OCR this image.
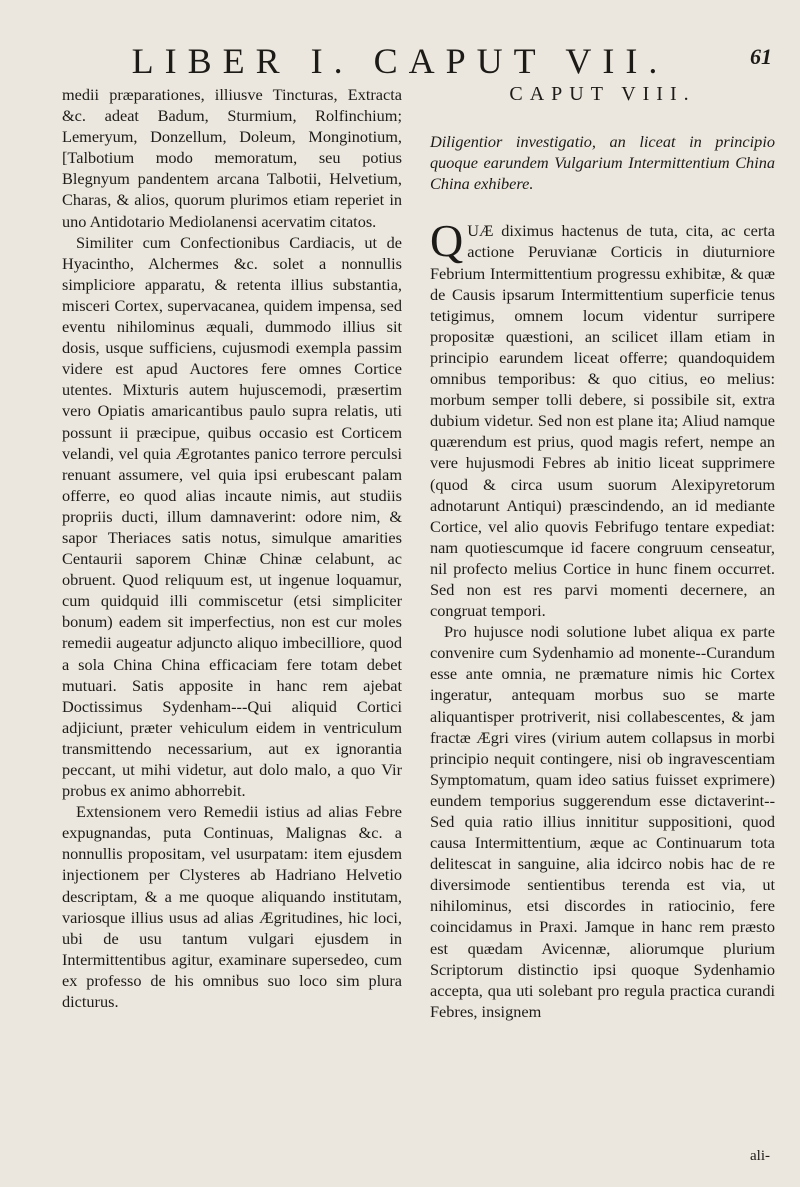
LIBER I. CAPUT VII.	61

medii præparationes, illiusve Tincturas, Extracta &c. adeat Badum, Sturmium, Rolfinchium; Lemeryum, Donzellum, Doleum, Monginotium, [Talbotium modo memoratum, seu potius Blegnyum pandentem arcana Talbotii, Helvetium, Charas, & alios, quorum plurimos etiam reperiet in uno Antidotario Mediolanensi acervatim citatos.

Similiter cum Confectionibus Cardiacis, ut de Hyacintho, Alchermes &c. solet a nonnullis simpliciore apparatu, & retenta illius substantia, misceri Cortex, supervacanea, quidem impensa, sed eventu nihilominus æquali, dummodo illius sit dosis, usque sufficiens, cujusmodi exempla passim videre est apud Auctores fere omnes Cortice utentes. Mixturis autem hujuscemodi, præsertim vero Opiatis amaricantibus paulo supra relatis, uti possunt ii præcipue, quibus occasio est Corticem velandi, vel quia Ægrotantes panico terrore perculsi renuant assumere, vel quia ipsi erubescant palam offerre, eo quod alias incaute nimis, aut studiis propriis ducti, illum damnaverint: odore nim, & sapor Theriaces satis notus, simulque amarities Centaurii saporem Chinæ Chinæ celabunt, ac obruent. Quod reliquum est, ut ingenue loquamur, cum quidquid illi commiscetur (etsi simpliciter bonum) eadem sit imperfectius, non est cur moles remedii augeatur adjuncto aliquo imbecilliore, quod a sola China China efficaciam fere totam debet mutuari. Satis apposite in hanc rem ajebat Doctissimus Sydenham---Qui aliquid Cortici adjiciunt, præter vehiculum eidem in ventriculum transmittendo necessarium, aut ex ignorantia peccant, ut mihi videtur, aut dolo malo, a quo Vir probus ex animo abhorrebit.

Extensionem vero Remedii istius ad alias Febre expugnandas, puta Continuas, Malignas &c. a nonnullis propositam, vel usurpatam: item ejusdem injectionem per Clysteres ab Hadriano Helvetio descriptam, & a me quoque aliquando institutam, variosque illius usus ad alias Ægritudines, hic loci, ubi de usu tantum vulgari ejusdem in Intermittentibus agitur, examinare supersedeo, cum ex professo de his omnibus suo loco sim plura dicturus.

CAPUT VIII.
Diligentior investigatio, an liceat in principio quoque earundem Vulgarium Intermittentium China China exhibere.

QUÆ diximus hactenus de tuta, cita, ac certa actione Peruvianæ Corticis in diuturniore Febrium Intermittentium progressu exhibitæ, & quæ de Causis ipsarum Intermittentium superficie tenus tetigimus, omnem locum videntur surripere propositæ quæstioni, an scilicet illam etiam in principio earundem liceat offerre; quandoquidem omnibus temporibus: & quo citius, eo melius: morbum semper tolli debere, si possibile sit, extra dubium videtur. Sed non est plane ita; Aliud namque quærendum est prius, quod magis refert, nempe an vere hujusmodi Febres ab initio liceat supprimere (quod & circa usum suorum Alexipyretorum adnotarunt Antiqui) præscindendo, an id mediante Cortice, vel alio quovis Febrifugo tentare expediat: nam quotiescumque id facere congruum censeatur, nil profecto melius Cortice in hunc finem occurret. Sed non est res parvi momenti decernere, an congruat tempori.

Pro hujusce nodi solutione lubet aliqua ex parte convenire cum Sydenhamio ad monente--Curandum esse ante omnia, ne præmature nimis hic Cortex ingeratur, antequam morbus suo se marte aliquantisper protriverit, nisi collabescentes, & jam fractæ Ægri vires (virium autem collapsus in morbi principio nequit contingere, nisi ob ingravescentiam Symptomatum, quam ideo satius fuisset exprimere) eundem temporius suggerendum esse dictaverint--Sed quia ratio illius innititur suppositioni, quod causa Intermittentium, æque ac Continuarum tota delitescat in sanguine, alia idcirco nobis hac de re diversimode sentientibus terenda est via, ut nihilominus, etsi discordes in ratiocinio, fere coincidamus in Praxi. Jamque in hanc rem præsto est quædam Avicennæ, aliorumque plurium Scriptorum distinctio ipsi quoque Sydenhamio accepta, qua uti solebant pro regula practica curandi Febres, insignem

ali-
